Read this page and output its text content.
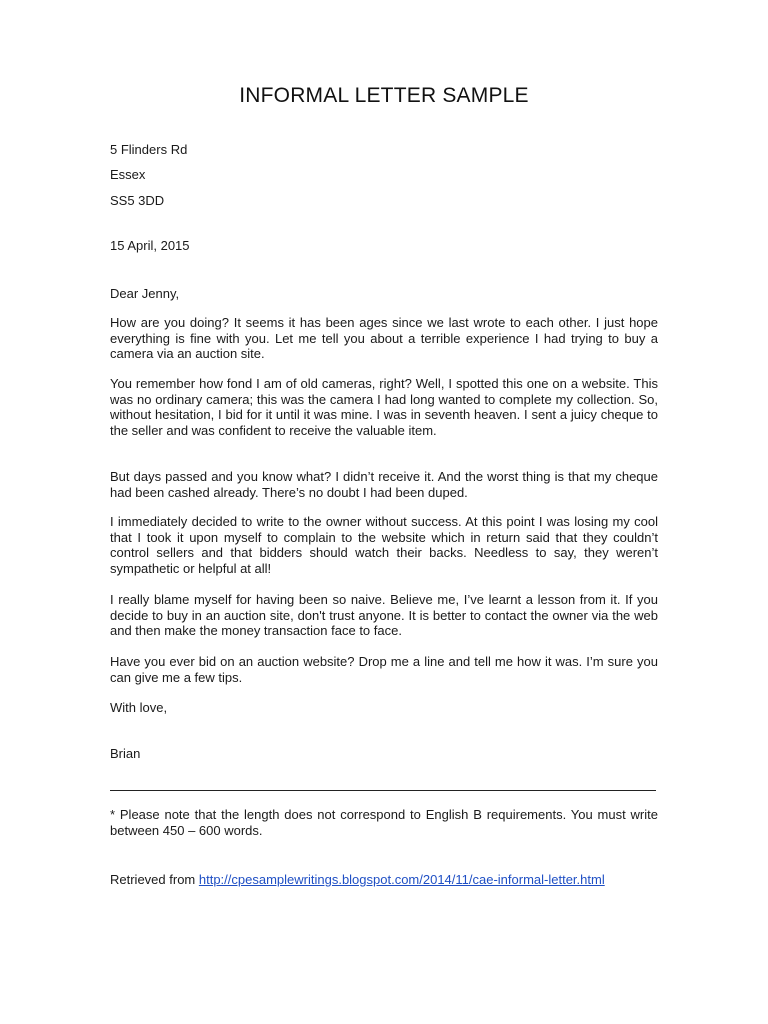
INFORMAL LETTER SAMPLE
5 Flinders Rd
Essex
SS5 3DD
15 April, 2015
Dear Jenny,

How are you doing? It seems it has been ages since we last wrote to each other. I just hope everything is fine with you. Let me tell you about a terrible experience I had trying to buy a camera via an auction site.

You remember how fond I am of old cameras, right? Well, I spotted this one on a website. This was no ordinary camera; this was the camera I had long wanted to complete my collection. So, without hesitation, I bid for it until it was mine. I was in seventh heaven. I sent a juicy cheque to the seller and was confident to receive the valuable item.

But days passed and you know what? I didn’t receive it. And the worst thing is that my cheque had been cashed already. There’s no doubt I had been duped.

I immediately decided to write to the owner without success. At this point I was losing my cool that I took it upon myself to complain to the website which in return said that they couldn’t control sellers and that bidders should watch their backs. Needless to say, they weren’t sympathetic or helpful at all!

I really blame myself for having been so naive. Believe me, I’ve learnt a lesson from it. If you decide to buy in an auction site, don't trust anyone. It is better to contact the owner via the web and then make the money transaction face to face.

Have you ever bid on an auction website? Drop me a line and tell me how it was. I’m sure you can give me a few tips.

With love,
Brian

* Please note that the length does not correspond to English B requirements. You must write between 450 – 600 words.

Retrieved from http://cpesamplewritings.blogspot.com/2014/11/cae-informal-letter.html
